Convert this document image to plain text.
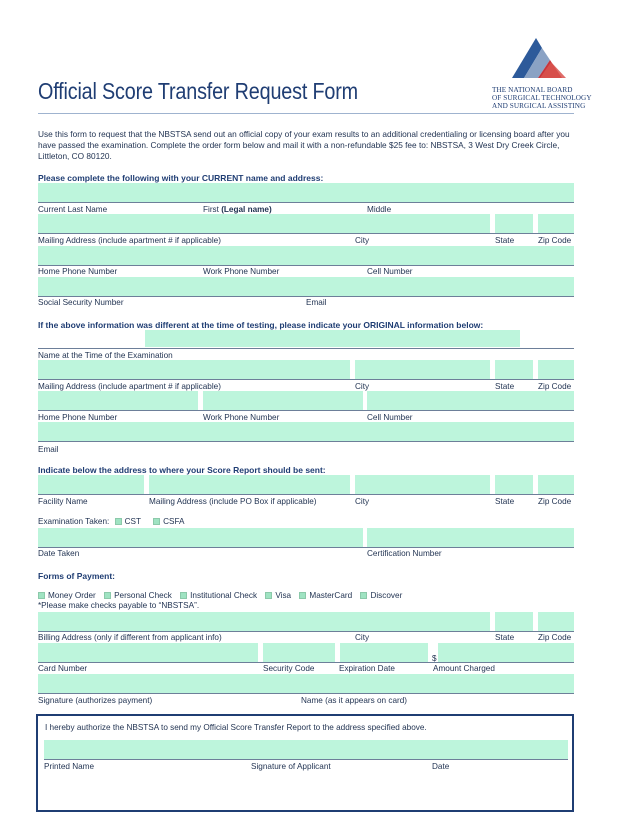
Official Score Transfer Request Form	THE NATIONAL BOARD
OF SURGICAL TECHNOLOGY
AND SURGICAL ASSISTING
Use this form to request that the NBSTSA send out an official copy of your exam results to an additional credentialing or licensing board after you have passed the examination. Complete the order form below and mail it with a non-refundable $25 fee to: NBSTSA, 3 West Dry Creek Circle, Littleton, CO 80120.
Please complete the following with your CURRENT name and address:
Current Last Name	First (Legal name)	Middle
Mailing Address (include apartment # if applicable)	City	State	Zip Code
Home Phone Number	Work Phone Number	Cell Number
Social Security Number	Email
If the above information was different at the time of testing, please indicate your ORIGINAL information below:
Name at the Time of the Examination
Mailing Address (include apartment # if applicable)	City	State	Zip Code
Home Phone Number	Work Phone Number	Cell Number
Email
Indicate below the address to where your Score Report should be sent:
Facility Name	Mailing Address (include PO Box if applicable)	City	State	Zip Code
Examination Taken: CST	CSFA
Date Taken	Certification Number
Forms of Payment:
Money Order Personal Check Institutional Check Visa MasterCard Discover
*Please make checks payable to “NBSTSA”.
Billing Address (only if different from applicant info)	City	State	Zip Code
$
Card Number	Security Code	Expiration Date	Amount Charged
Signature (authorizes payment)	Name (as it appears on card)
I hereby authorize the NBSTSA to send my Official Score Transfer Report to the address specified above.
Printed Name	Signature of Applicant	Date
